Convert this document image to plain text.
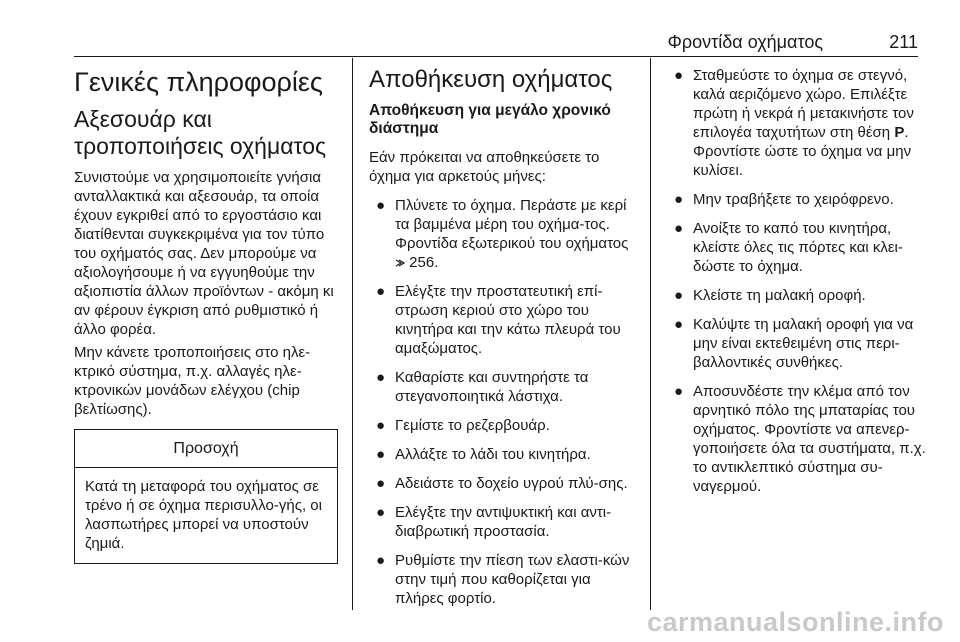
Φροντίδα οχήματος	211
Γενικές πληροφορίες
Αξεσουάρ και τροποποιήσεις οχήματος
Συνιστούμε να χρησιμοποιείτε γνήσια ανταλλακτικά και αξεσουάρ, τα οποία έχουν εγκριθεί από το εργοστάσιο και διατίθενται συγκεκριμένα για τον τύπο του οχήματός σας. Δεν μπορούμε να αξιολογήσουμε ή να εγγυηθούμε την αξιοπιστία άλλων προϊόντων - ακόμη κι αν φέρουν έγκριση από ρυθμιστικό ή άλλο φορέα.
Μην κάνετε τροποποιήσεις στο ηλε-κτρικό σύστημα, π.χ. αλλαγές ηλε-κτρονικών μονάδων ελέγχου (chip βελτίωσης).
Προσοχή
Κατά τη μεταφορά του οχήματος σε τρένο ή σε όχημα περισυλλο-γής, οι λασπωτήρες μπορεί να υποστούν ζημιά.
Αποθήκευση οχήματος
Αποθήκευση για μεγάλο χρονικό διάστημα
Εάν πρόκειται να αποθηκεύσετε το όχημα για αρκετούς μήνες:
● Πλύνετε το όχημα. Περάστε με κερί τα βαμμένα μέρη του οχήμα-τος. Φροντίδα εξωτερικού του οχήματος  256.
● Ελέγξτε την προστατευτική επί-στρωση κεριού στο χώρο του κινητήρα και την κάτω πλευρά του αμαξώματος.
● Καθαρίστε και συντηρήστε τα στεγανοποιητικά λάστιχα.
● Γεμίστε το ρεζερβουάρ.
● Αλλάξτε το λάδι του κινητήρα.
● Αδειάστε το δοχείο υγρού πλύ-σης.
● Ελέγξτε την αντιψυκτική και αντι-διαβρωτική προστασία.
● Ρυθμίστε την πίεση των ελαστι-κών στην τιμή που καθορίζεται για πλήρες φορτίο.
● Σταθμεύστε το όχημα σε στεγνό, καλά αεριζόμενο χώρο. Επιλέξτε πρώτη ή νεκρά ή μετακινήστε τον επιλογέα ταχυτήτων στη θέση P. Φροντίστε ώστε το όχημα να μην κυλίσει.
● Μην τραβήξετε το χειρόφρενο.
● Ανοίξτε το καπό του κινητήρα, κλείστε όλες τις πόρτες και κλει-δώστε το όχημα.
● Κλείστε τη μαλακή οροφή.
● Καλύψτε τη μαλακή οροφή για να μην είναι εκτεθειμένη στις περι-βαλλοντικές συνθήκες.
● Αποσυνδέστε την κλέμα από τον αρνητικό πόλο της μπαταρίας του οχήματος. Φροντίστε να απενερ-γοποιήσετε όλα τα συστήματα, π.χ. το αντικλεπτικό σύστημα συ-ναγερμού.
carmanualsonline.info
